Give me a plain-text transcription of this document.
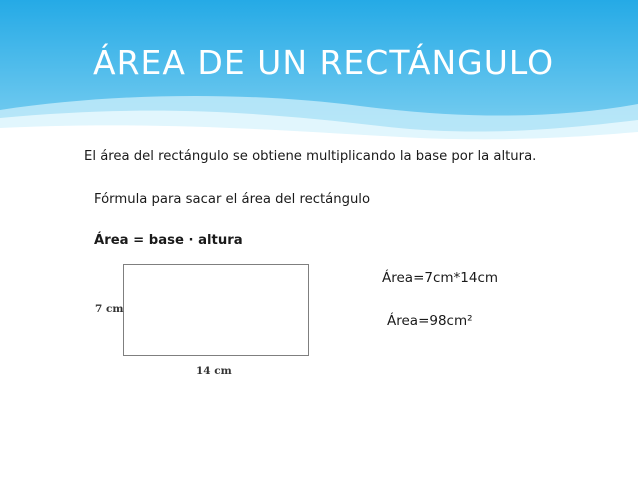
ÁREA DE UN RECTÁNGULO
El área del rectángulo se obtiene multiplicando la base por la altura.
Fórmula para sacar el área del rectángulo
Área = base · altura
7 cm
14 cm
Área=7cm*14cm
Área=98cm²
